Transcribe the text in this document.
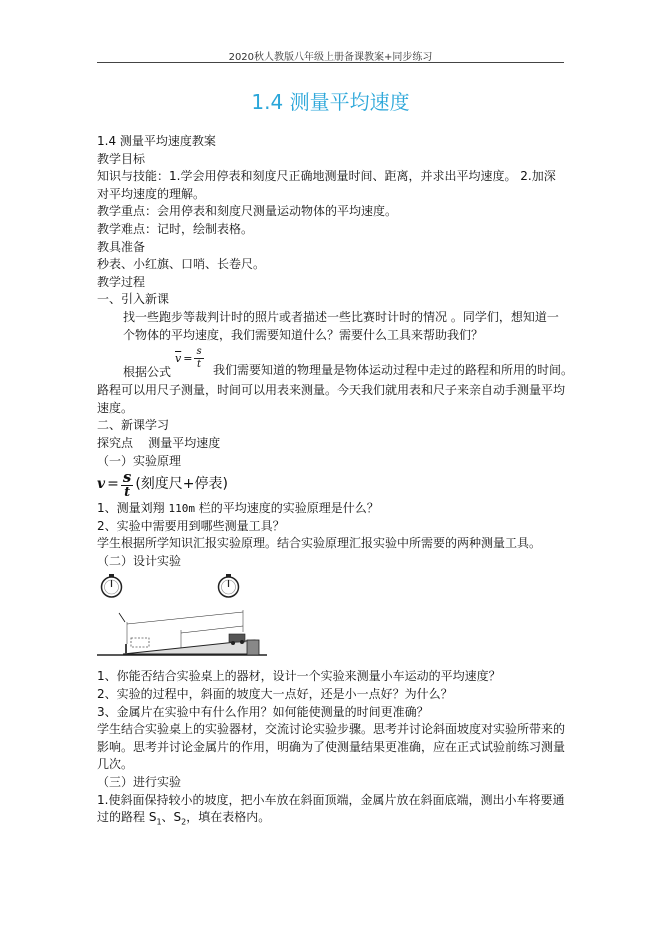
2020秋人教版八年级上册备课教案+同步练习
1.4 测量平均速度
1.4 测量平均速度教案
教学目标
知识与技能：1.学会用停表和刻度尺正确地测量时间、距离，并求出平均速度。 2.加深对平均速度的理解。
教学重点：会用停表和刻度尺测量运动物体的平均速度。
教学难点：记时，绘制表格。
教具准备
秒表、小红旗、口哨、长卷尺。
教学过程
一、引入新课
找一些跑步等裁判计时的照片或者描述一些比赛时计时的情况 。同学们，想知道一个物体的平均速度，我们需要知道什么？需要什么工具来帮助我们？
根据公式
$\overline{v} = \frac{s}{t}$ 我们需要知道的物理量是物体运动过程中走过的路程和所用的时间。
路程可以用尺子测量，时间可以用表来测量。今天我们就用表和尺子来亲自动手测量平均速度。
二、新课学习
探究点    测量平均速度
（一）实验原理
$v = \frac{s}{t}$ (刻度尺+停表)
1、测量刘翔 110m 栏的平均速度的实验原理是什么？
2、实验中需要用到哪些测量工具？
学生根据所学知识汇报实验原理。结合实验原理汇报实验中所需要的两种测量工具。
（二）设计实验
1、你能否结合实验桌上的器材，设计一个实验来测量小车运动的平均速度？
2、实验的过程中，斜面的坡度大一点好，还是小一点好？为什么？
3、金属片在实验中有什么作用？如何能使测量的时间更准确？
学生结合实验桌上的实验器材，交流讨论实验步骤。思考并讨论斜面坡度对实验所带来的影响。思考并讨论金属片的作用，明确为了使测量结果更准确，应在正式试验前练习测量几次。
（三）进行实验
1.使斜面保持较小的坡度，把小车放在斜面顶端，金属片放在斜面底端，测出小车将要通过的路程 $S_1$、$S_2$，填在表格内。
